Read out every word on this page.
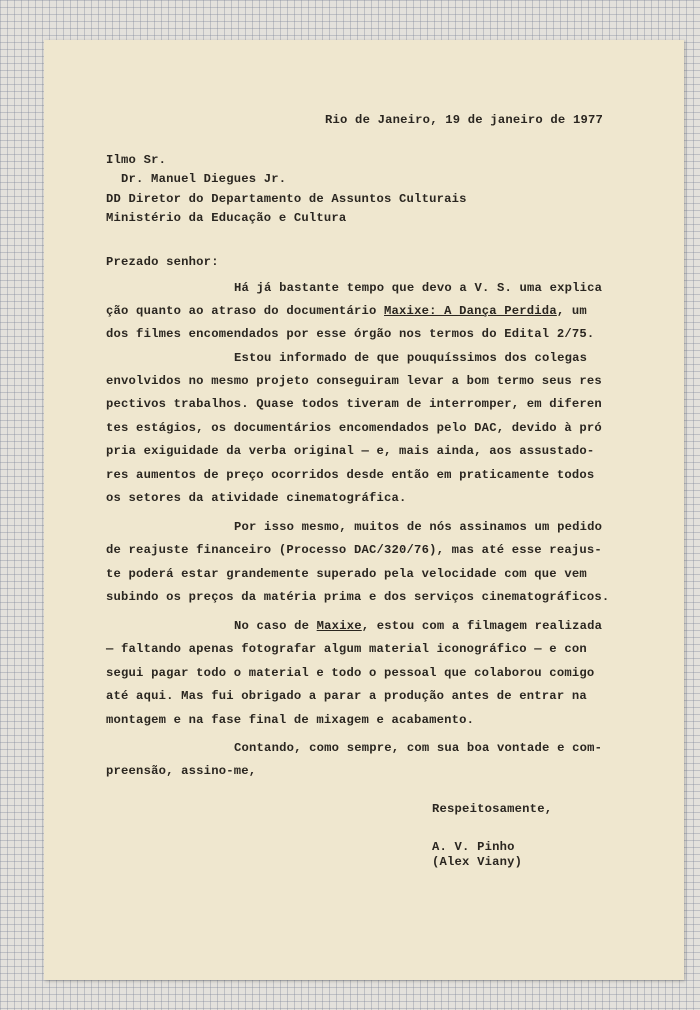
Rio de Janeiro, 19 de janeiro de 1977
Ilmo Sr.
Dr. Manuel Diegues Jr.
DD Diretor do Departamento de Assuntos Culturais
Ministério da Educação e Cultura
Prezado senhor:
Há já bastante tempo que devo a V. S. uma explica
ção quanto ao atraso do documentário Maxixe: A Dança Perdida, um
dos filmes encomendados por esse órgão nos termos do Edital 2/75.
Estou informado de que pouquíssimos dos colegas
envolvidos no mesmo projeto conseguiram levar a bom termo seus res
pectivos trabalhos. Quase todos tiveram de interromper, em diferen
tes estágios, os documentários encomendados pelo DAC, devido à pró
pria exiguidade da verba original — e, mais ainda, aos assustado-
res aumentos de preço ocorridos desde então em praticamente todos
os setores da atividade cinematográfica.
Por isso mesmo, muitos de nós assinamos um pedido
de reajuste financeiro (Processo DAC/320/76), mas até esse reajus-
te poderá estar grandemente superado pela velocidade com que vem
subindo os preços da matéria prima e dos serviços cinematográficos.
No caso de Maxixe, estou com a filmagem realizada
— faltando apenas fotografar algum material iconográfico — e con
segui pagar todo o material e todo o pessoal que colaborou comigo
até aqui. Mas fui obrigado a parar a produção antes de entrar na
montagem e na fase final de mixagem e acabamento.
Contando, como sempre, com sua boa vontade e com-
preensão, assino-me,
Respeitosamente,
A. V. Pinho
(Alex Viany)
